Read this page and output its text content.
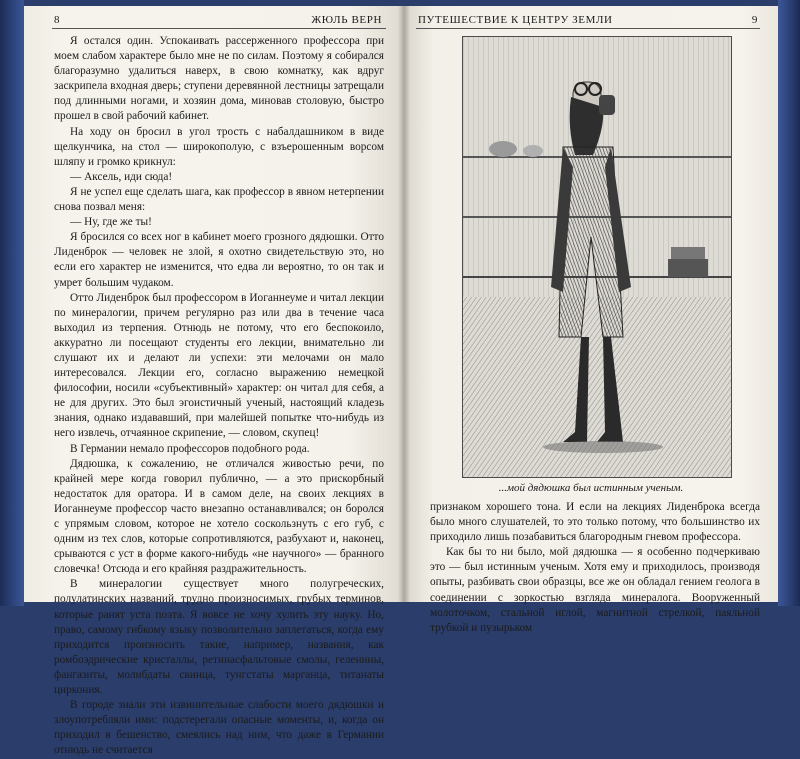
8	ЖЮЛЬ ВЕРН

Я остался один. Успокаивать рассерженного профессора при моем слабом характере было мне не по силам. Поэтому я собирался благоразумно удалиться наверх, в свою комнатку, как вдруг заскрипела входная дверь; ступени деревянной лестницы затрещали под длинными ногами, и хозяин дома, миновав столовую, быстро прошел в свой рабочий кабинет.

На ходу он бросил в угол трость с набалдашником в виде щелкунчика, на стол — широкополую, с взъерошенным ворсом шляпу и громко крикнул:

— Аксель, иди сюда!

Я не успел еще сделать шага, как профессор в явном нетерпении снова позвал меня:

— Ну, где же ты!

Я бросился со всех ног в кабинет моего грозного дядюшки. Отто Лиденброк — человек не злой, я охотно свидетельствую это, но если его характер не изменится, что едва ли вероятно, то он так и умрет большим чудаком.

Отто Лиденброк был профессором в Иоганнеуме и читал лекции по минералогии, причем регулярно раз или два в течение часа выходил из терпения. Отнюдь не потому, что его беспокоило, аккуратно ли посещают студенты его лекции, внимательно ли слушают их и делают ли успехи: эти мелочами он мало интересовался. Лекции его, согласно выражению немецкой философии, носили «субъективный» характер: он читал для себя, а не для других. Это был эгоистичный ученый, настоящий кладезь знания, однако издававший, при малейшей попытке что-нибудь из него извлечь, отчаянное скрипение, — словом, скупец!

В Германии немало профессоров подобного рода.

Дядюшка, к сожалению, не отличался живостью речи, по крайней мере когда говорил публично, — а это прискорбный недостаток для оратора. И в самом деле, на своих лекциях в Иоганнеуме профессор часто внезапно останавливался; он боролся с упрямым словом, которое не хотело соскользнуть с его губ, с одним из тех слов, которые сопротивляются, разбухают и, наконец, срываются с уст в форме какого-нибудь «не научного» — бранного словечка! Отсюда и его крайняя раздражительность.

В минералогии существует много полугреческих, полулатинских названий, трудно произносимых, грубых терминов, которые ранят уста поэта. Я вовсе не хочу хулить эту науку. Но, право, самому гибкому языку позволительно заплетаться, когда ему приходится произносить такие, например, названия, как ромбоэдрические кристаллы, ретинасфальтовые смолы, геленины, фангазиты, молибдаты свинца, тунгстаты марганца, титанаты циркония.

В городе знали эти извинительные слабости моего дядюшки и злоупотребляли ими: подстерегали опасные моменты, и, когда он приходил в бешенство, смеялись над ним, что даже в Германии отнюдь не считается

ПУТЕШЕСТВИЕ К ЦЕНТРУ ЗЕМЛИ	9
...мой дядюшка был истинным ученым.

признаком хорошего тона. И если на лекциях Лиденброка всегда было много слушателей, то это только потому, что большинство их приходило лишь позабавиться благородным гневом профессора.

Как бы то ни было, мой дядюшка — я особенно подчеркиваю это — был истинным ученым. Хотя ему и приходилось, производя опыты, разбивать свои образцы, все же он обладал гением геолога в соединении с зоркостью взгляда минералога. Вооруженный молоточком, стальной иглой, магнитной стрелкой, паяльной трубкой и пузырьком
